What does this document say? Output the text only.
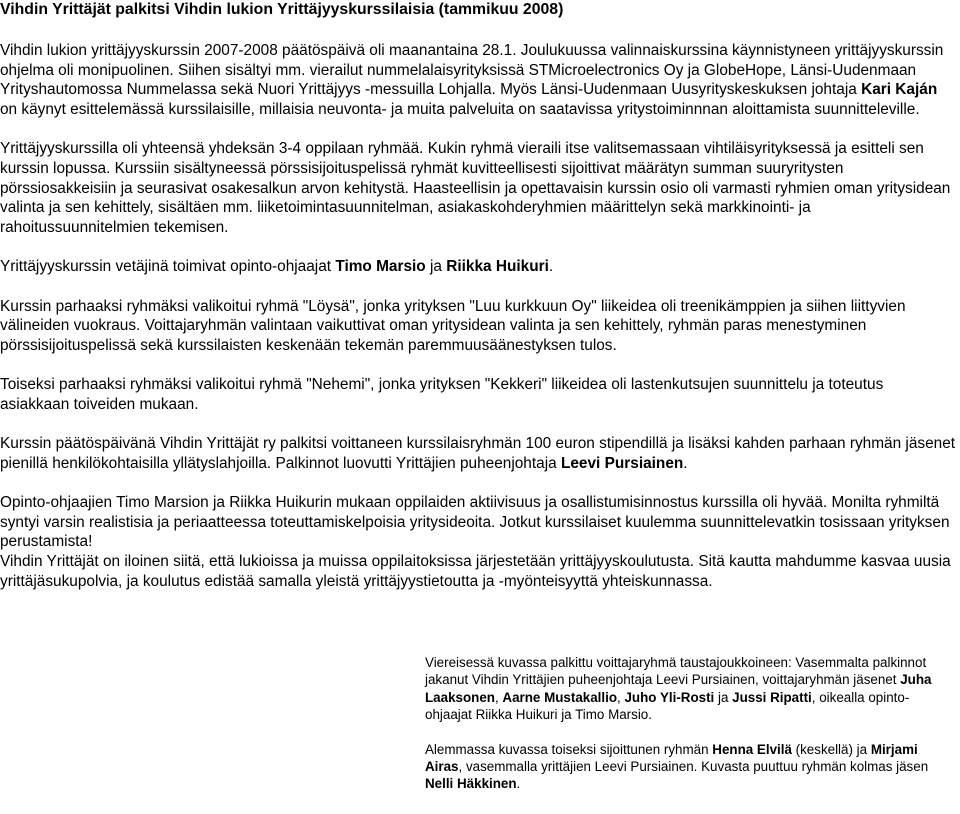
Vihdin Yrittäjät palkitsi Vihdin lukion Yrittäjyyskurssilaisia (tammikuu 2008)

Vihdin lukion yrittäjyyskurssin 2007-2008 päätöspäivä oli maanantaina 28.1. Joulukuussa valinnaiskurssina käynnistyneen yrittäjyyskurssin ohjelma oli monipuolinen. Siihen sisältyi mm. vierailut nummelalaisyrityksissä STMicroelectronics Oy ja GlobeHope, Länsi-Uudenmaan Yrityshautomossa Nummelassa sekä Nuori Yrittäjyys -messuilla Lohjalla. Myös Länsi-Uudenmaan Uusyrityskeskuksen johtaja Kari Kaján on käynyt esittelemässä kurssilaisille, millaisia neuvonta- ja muita palveluita on saatavissa yritystoiminnnan aloittamista suunnitteleville.

Yrittäjyyskurssilla oli yhteensä yhdeksän 3-4 oppilaan ryhmää. Kukin ryhmä vieraili itse valitsemassaan vihtiläisyrityksessä ja esitteli sen kurssin lopussa. Kurssiin sisältyneessä pörssisijoituspelissä ryhmät kuvitteellisesti sijoittivat määrätyn summan suuryritysten pörssiosakkeisiin ja seurasivat osakesalkun arvon kehitystä. Haasteellisin ja opettavaisin kurssin osio oli varmasti ryhmien oman yritysidean valinta ja sen kehittely, sisältäen mm. liiketoimintasuunnitelman, asiakaskohderyhmien määrittelyn sekä markkinointi- ja rahoitussuunnitelmien tekemisen.

Yrittäjyyskurssin vetäjinä toimivat opinto-ohjaajat Timo Marsio ja Riikka Huikuri.

Kurssin parhaaksi ryhmäksi valikoitui ryhmä "Löysä", jonka yrityksen "Luu kurkkuun Oy" liikeidea oli treenikämppien ja siihen liittyvien välineiden vuokraus. Voittajaryhmän valintaan vaikuttivat oman yritysidean valinta ja sen kehittely, ryhmän paras menestyminen pörssisijoituspelissä sekä kurssilaisten keskenään tekemän paremmuusäänestyksen tulos.

Toiseksi parhaaksi ryhmäksi valikoitui ryhmä "Nehemi", jonka yrityksen "Kekkeri" liikeidea oli lastenkutsujen suunnittelu ja toteutus asiakkaan toiveiden mukaan.

Kurssin päätöspäivänä Vihdin Yrittäjät ry palkitsi voittaneen kurssilaisryhmän 100 euron stipendillä ja lisäksi kahden parhaan ryhmän jäsenet pienillä henkilökohtaisilla yllätyslahjoilla. Palkinnot luovutti Yrittäjien puheenjohtaja Leevi Pursiainen.

Opinto-ohjaajien Timo Marsion ja Riikka Huikurin mukaan oppilaiden aktiivisuus ja osallistumisinnostus kurssilla oli hyvää. Monilta ryhmiltä syntyi varsin realistisia ja periaatteessa toteuttamiskelpoisia yritysideoita. Jotkut kurssilaiset kuulemma suunnittelevatkin tosissaan yrityksen perustamista!

Vihdin Yrittäjät on iloinen siitä, että lukioissa ja muissa oppilaitoksissa järjestetään yrittäjyyskoulutusta. Sitä kautta mahdumme kasvaa uusia yrittäjäsukupolvia, ja koulutus edistää samalla yleistä yrittäjyystietoutta ja -myönteisyyttä yhteiskunnassa.

Viereisessä kuvassa palkittu voittajaryhmä taustajoukkoineen: Vasemmalta palkinnot jakanut Vihdin Yrittäjien puheenjohtaja Leevi Pursiainen, voittajaryhmän jäsenet Juha Laaksonen, Aarne Mustakallio, Juho Yli-Rosti ja Jussi Ripatti, oikealla opinto-ohjaajat Riikka Huikuri ja Timo Marsio.

Alemmassa kuvassa toiseksi sijoittunen ryhmän Henna Elvilä (keskellä) ja Mirjami Airas, vasemmalla yrittäjien Leevi Pursiainen. Kuvasta puuttuu ryhmän kolmas jäsen Nelli Häkkinen.
